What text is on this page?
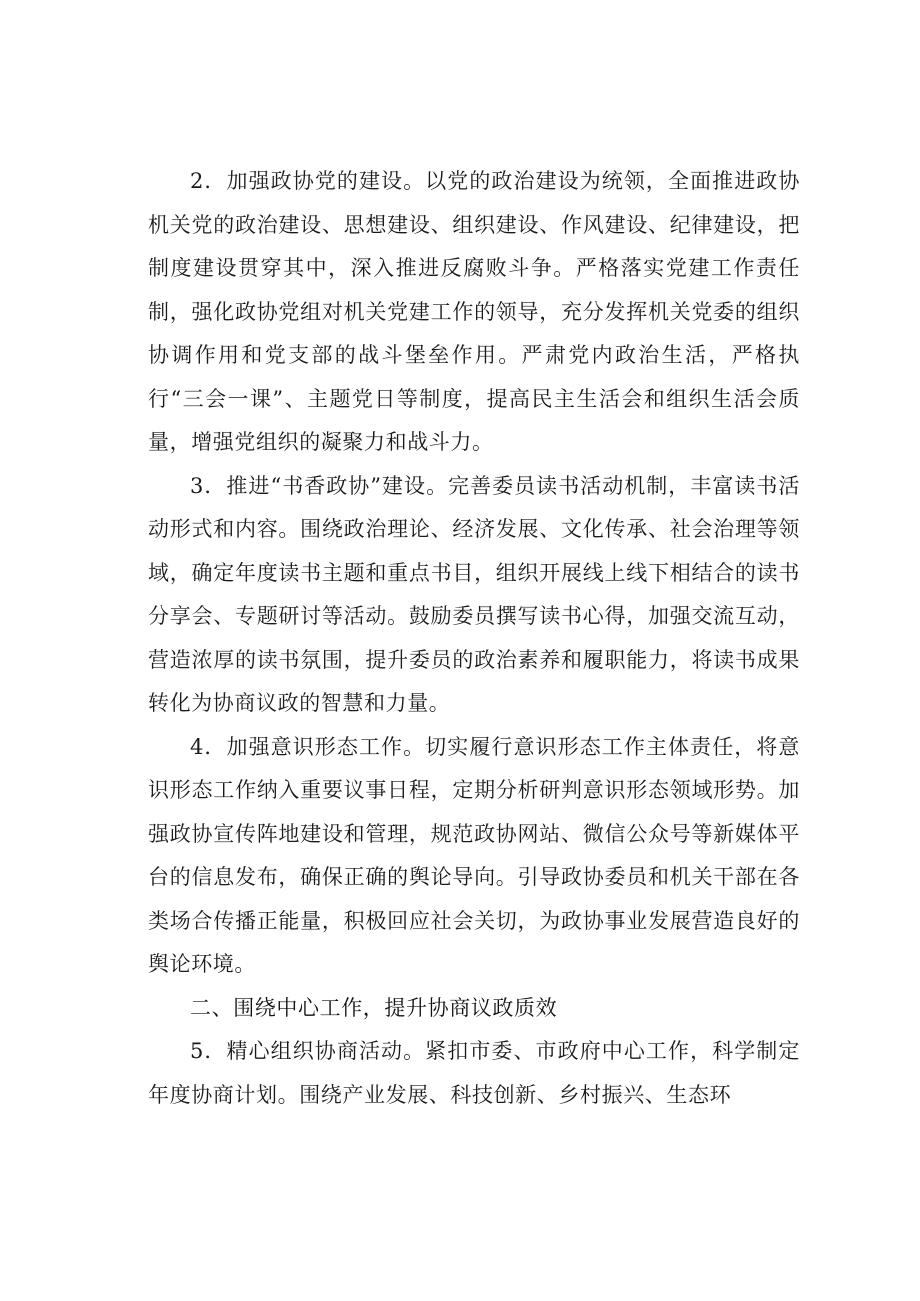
2．加强政协党的建设。以党的政治建设为统领，全面推进政协机关党的政治建设、思想建设、组织建设、作风建设、纪律建设，把制度建设贯穿其中，深入推进反腐败斗争。严格落实党建工作责任制，强化政协党组对机关党建工作的领导，充分发挥机关党委的组织协调作用和党支部的战斗堡垒作用。严肃党内政治生活，严格执行“三会一课”、主题党日等制度，提高民主生活会和组织生活会质量，增强党组织的凝聚力和战斗力。

3．推进“书香政协”建设。完善委员读书活动机制，丰富读书活动形式和内容。围绕政治理论、经济发展、文化传承、社会治理等领域，确定年度读书主题和重点书目，组织开展线上线下相结合的读书分享会、专题研讨等活动。鼓励委员撰写读书心得，加强交流互动，营造浓厚的读书氛围，提升委员的政治素养和履职能力，将读书成果转化为协商议政的智慧和力量。

4．加强意识形态工作。切实履行意识形态工作主体责任，将意识形态工作纳入重要议事日程，定期分析研判意识形态领域形势。加强政协宣传阵地建设和管理，规范政协网站、微信公众号等新媒体平台的信息发布，确保正确的舆论导向。引导政协委员和机关干部在各类场合传播正能量，积极回应社会关切，为政协事业发展营造良好的舆论环境。

二、围绕中心工作，提升协商议政质效

5．精心组织协商活动。紧扣市委、市政府中心工作，科学制定年度协商计划。围绕产业发展、科技创新、乡村振兴、生态环
